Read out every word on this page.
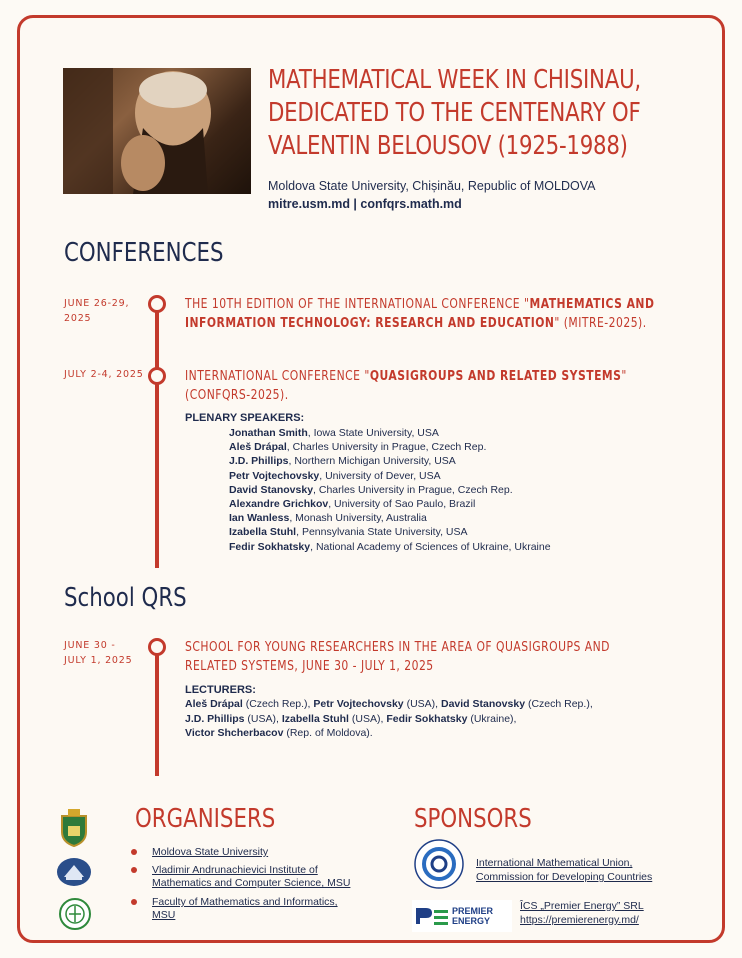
MATHEMATICAL WEEK IN CHISINAU,
DEDICATED TO THE CENTENARY OF
VALENTIN BELOUSOV (1925-1988)
Moldova State University, Chișinău, Republic of MOLDOVA
mitre.usm.md | confqrs.math.md
CONFERENCES
JUNE 26-29,
2025
THE 10TH EDITION OF THE INTERNATIONAL CONFERENCE "MATHEMATICS AND INFORMATION TECHNOLOGY: RESEARCH AND EDUCATION" (MITRE-2025).
JULY 2-4, 2025	INTERNATIONAL CONFERENCE "QUASIGROUPS AND RELATED SYSTEMS" (CONFQRS-2025).
PLENARY SPEAKERS:
Jonathan Smith, Iowa State University, USA
Aleš Drápal, Charles University in Prague, Czech Rep.
J.D. Phillips, Northern Michigan University, USA
Petr Vojtechovsky, University of Dever, USA
David Stanovsky, Charles University in Prague, Czech Rep.
Alexandre Grichkov, University of Sao Paulo, Brazil
Ian Wanless, Monash University, Australia
Izabella Stuhl, Pennsylvania State University, USA
Fedir Sokhatsky, National Academy of Sciences of Ukraine, Ukraine
School QRS
JUNE 30 -
JULY 1, 2025
SCHOOL FOR YOUNG RESEARCHERS IN THE AREA OF QUASIGROUPS AND
RELATED SYSTEMS, JUNE 30 - JULY 1, 2025
LECTURERS:
Aleš Drápal (Czech Rep.), Petr Vojtechovsky (USA), David Stanovsky (Czech Rep.),
J.D. Phillips (USA), Izabella Stuhl (USA), Fedir Sokhatsky (Ukraine),
Victor Shcherbacov (Rep. of Moldova).
ORGANISERS
Moldova State University
Vladimir Andrunachievici Institute of
Mathematics and Computer Science, MSU
Faculty of Mathematics and Informatics,
MSU
SPONSORS
International Mathematical Union,
Commission for Developing Countries
PREMIER
ENERGY
ÎCS „Premier Energy” SRL
https://premierenergy.md/
